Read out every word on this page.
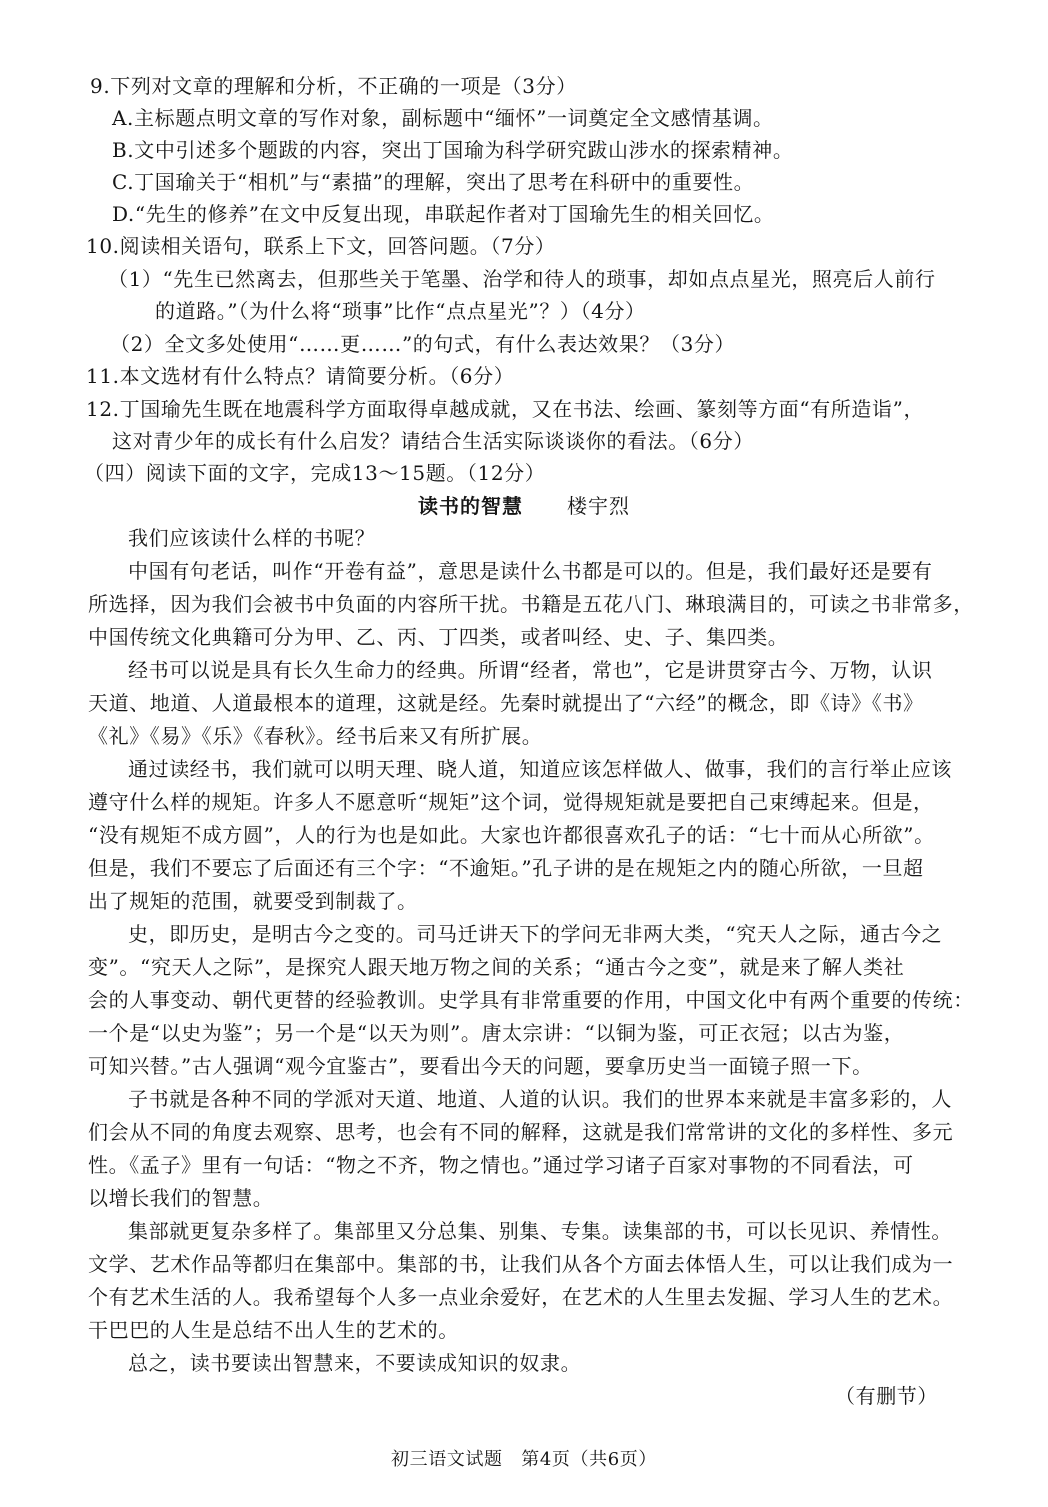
9.下列对文章的理解和分析，不正确的一项是（3分）
A.主标题点明文章的写作对象，副标题中“缅怀”一词奠定全文感情基调。
B.文中引述多个题跋的内容，突出丁国瑜为科学研究跋山涉水的探索精神。
C.丁国瑜关于“相机”与“素描”的理解，突出了思考在科研中的重要性。
D.“先生的修养”在文中反复出现，串联起作者对丁国瑜先生的相关回忆。
10.阅读相关语句，联系上下文，回答问题。（7分）
（1）“先生已然离去，但那些关于笔墨、治学和待人的琐事，却如点点星光，照亮后人前行
的道路。”（为什么将“琐事”比作“点点星光”？）（4分）
（2）全文多处使用“……更……”的句式，有什么表达效果？（3分）
11.本文选材有什么特点？请简要分析。（6分）
12.丁国瑜先生既在地震科学方面取得卓越成就，又在书法、绘画、篆刻等方面“有所造诣”，
这对青少年的成长有什么启发？请结合生活实际谈谈你的看法。（6分）
（四）阅读下面的文字，完成13～15题。（12分）
读书的智慧 楼宇烈
我们应该读什么样的书呢？
中国有句老话，叫作“开卷有益”，意思是读什么书都是可以的。但是，我们最好还是要有
所选择，因为我们会被书中负面的内容所干扰。书籍是五花八门、琳琅满目的，可读之书非常多，
中国传统文化典籍可分为甲、乙、丙、丁四类，或者叫经、史、子、集四类。
经书可以说是具有长久生命力的经典。所谓“经者，常也”，它是讲贯穿古今、万物，认识
天道、地道、人道最根本的道理，这就是经。先秦时就提出了“六经”的概念，即《诗》《书》
《礼》《易》《乐》《春秋》。经书后来又有所扩展。
通过读经书，我们就可以明天理、晓人道，知道应该怎样做人、做事，我们的言行举止应该
遵守什么样的规矩。许多人不愿意听“规矩”这个词，觉得规矩就是要把自己束缚起来。但是，
“没有规矩不成方圆”，人的行为也是如此。大家也许都很喜欢孔子的话：“七十而从心所欲”。
但是，我们不要忘了后面还有三个字：“不逾矩。”孔子讲的是在规矩之内的随心所欲，一旦超
出了规矩的范围，就要受到制裁了。
史，即历史，是明古今之变的。司马迁讲天下的学问无非两大类，“究天人之际，通古今之
变”。“究天人之际”，是探究人跟天地万物之间的关系；“通古今之变”，就是来了解人类社
会的人事变动、朝代更替的经验教训。史学具有非常重要的作用，中国文化中有两个重要的传统：
一个是“以史为鉴”；另一个是“以天为则”。唐太宗讲：“以铜为鉴，可正衣冠；以古为鉴，
可知兴替。”古人强调“观今宜鉴古”，要看出今天的问题，要拿历史当一面镜子照一下。
子书就是各种不同的学派对天道、地道、人道的认识。我们的世界本来就是丰富多彩的，人
们会从不同的角度去观察、思考，也会有不同的解释，这就是我们常常讲的文化的多样性、多元
性。《孟子》里有一句话：“物之不齐，物之情也。”通过学习诸子百家对事物的不同看法，可
以增长我们的智慧。
集部就更复杂多样了。集部里又分总集、别集、专集。读集部的书，可以长见识、养情性。
文学、艺术作品等都归在集部中。集部的书，让我们从各个方面去体悟人生，可以让我们成为一
个有艺术生活的人。我希望每个人多一点业余爱好，在艺术的人生里去发掘、学习人生的艺术。
干巴巴的人生是总结不出人生的艺术的。
总之，读书要读出智慧来，不要读成知识的奴隶。
（有删节）
初三语文试题　第4页（共6页）
